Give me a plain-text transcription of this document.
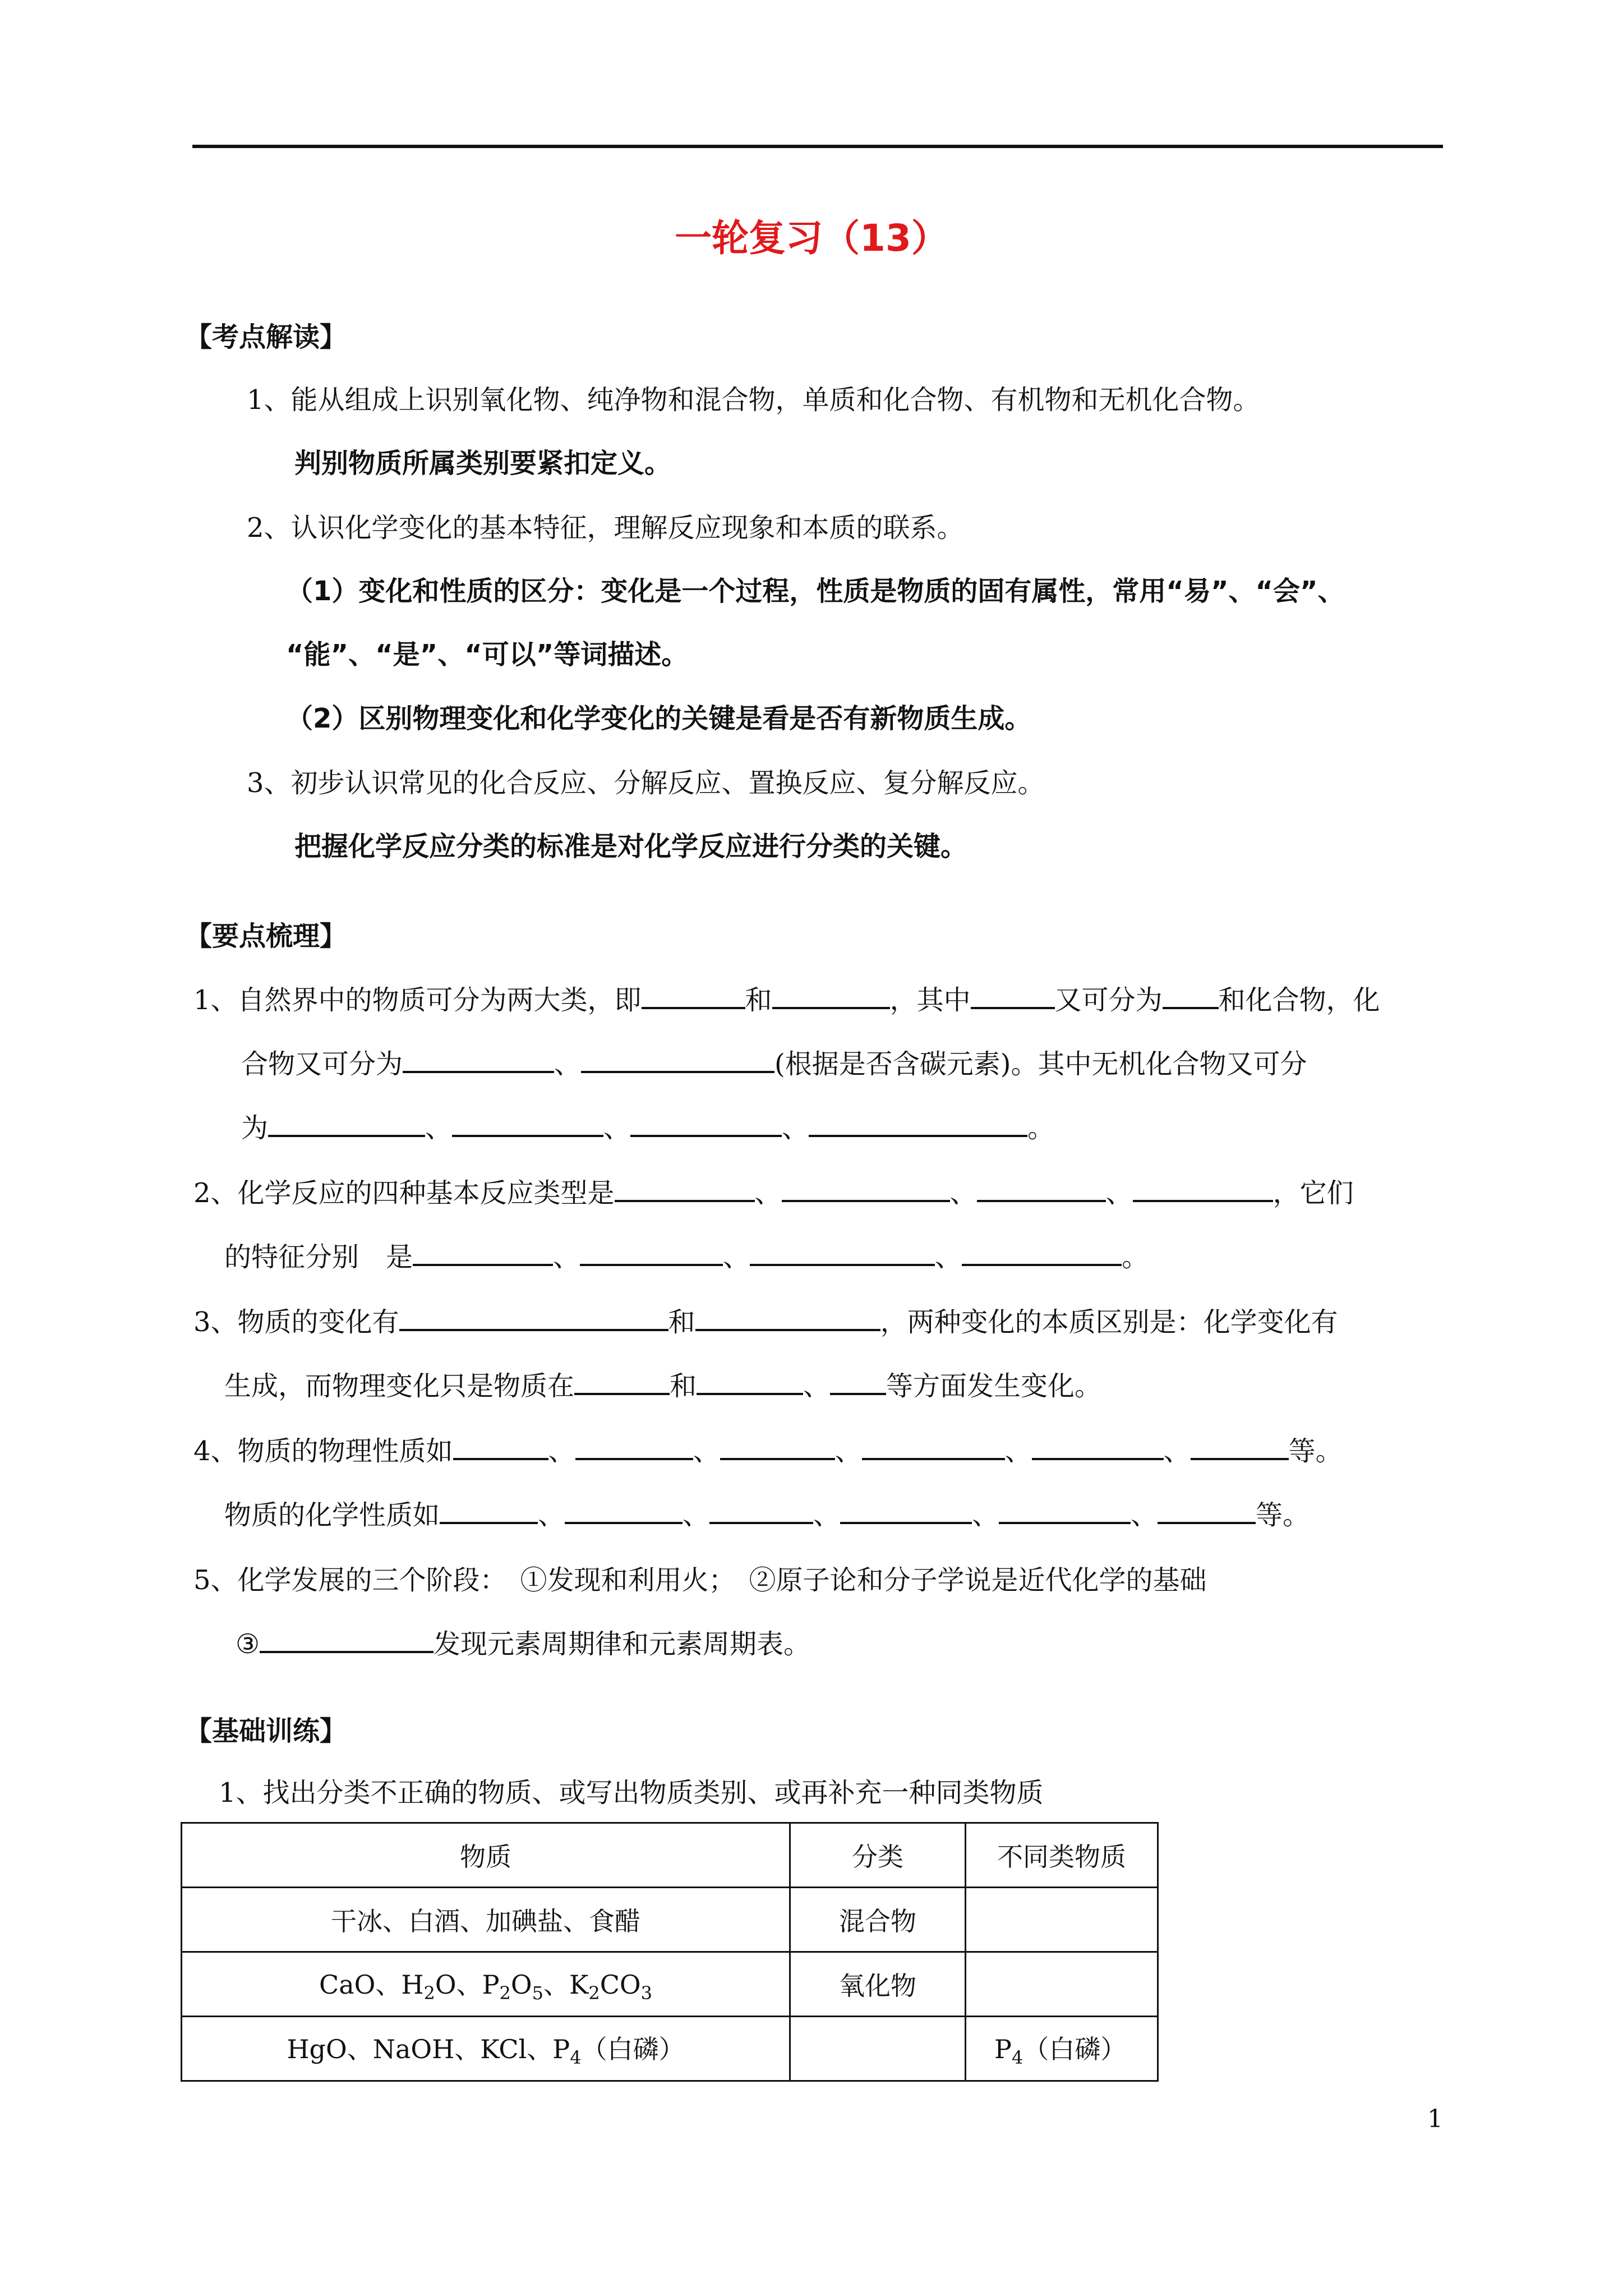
一轮复习（13）
【考点解读】
1、能从组成上识别氧化物、纯净物和混合物，单质和化合物、有机物和无机化合物。
判别物质所属类别要紧扣定义。
2、认识化学变化的基本特征，理解反应现象和本质的联系。
（1）变化和性质的区分：变化是一个过程，性质是物质的固有属性，常用“易”、“会”、
“能”、“是”、“可以”等词描述。
（2）区别物理变化和化学变化的关键是看是否有新物质生成。
3、初步认识常见的化合反应、分解反应、置换反应、复分解反应。
把握化学反应分类的标准是对化学反应进行分类的关键。
【要点梳理】
1、自然界中的物质可分为两大类，即	和	，其中	又可分为 和化合物，化
合物又可分为	、	(根据是否含碳元素)。其中无机化合物又可分
为	、	、	、	。
2、化学反应的四种基本反应类型是	、	、	、	，它们
的特征分别　是	、	、	、	。
3、物质的变化有	和	，两种变化的本质区别是：化学变化有
生成，而物理变化只是物质在	和	、 等方面发生变化。
4、物质的物理性质如	、	、	、	、	、	等。
物质的化学性质如	、	、	、	、	、	等。
5、化学发展的三个阶段：　①发现和利用火；　②原子论和分子学说是近代化学的基础
③	发现元素周期律和元素周期表。
【基础训练】
1、找出分类不正确的物质、或写出物质类别、或再补充一种同类物质
物质	分类	不同类物质
干冰、白酒、加碘盐、食醋	混合物	
CaO、$H_2O$、$P_2O_5$、$K_2CO_3$	氧化物	
HgO、NaOH、KCl、$P_4$（白磷）		$P_4$（白磷）
1
